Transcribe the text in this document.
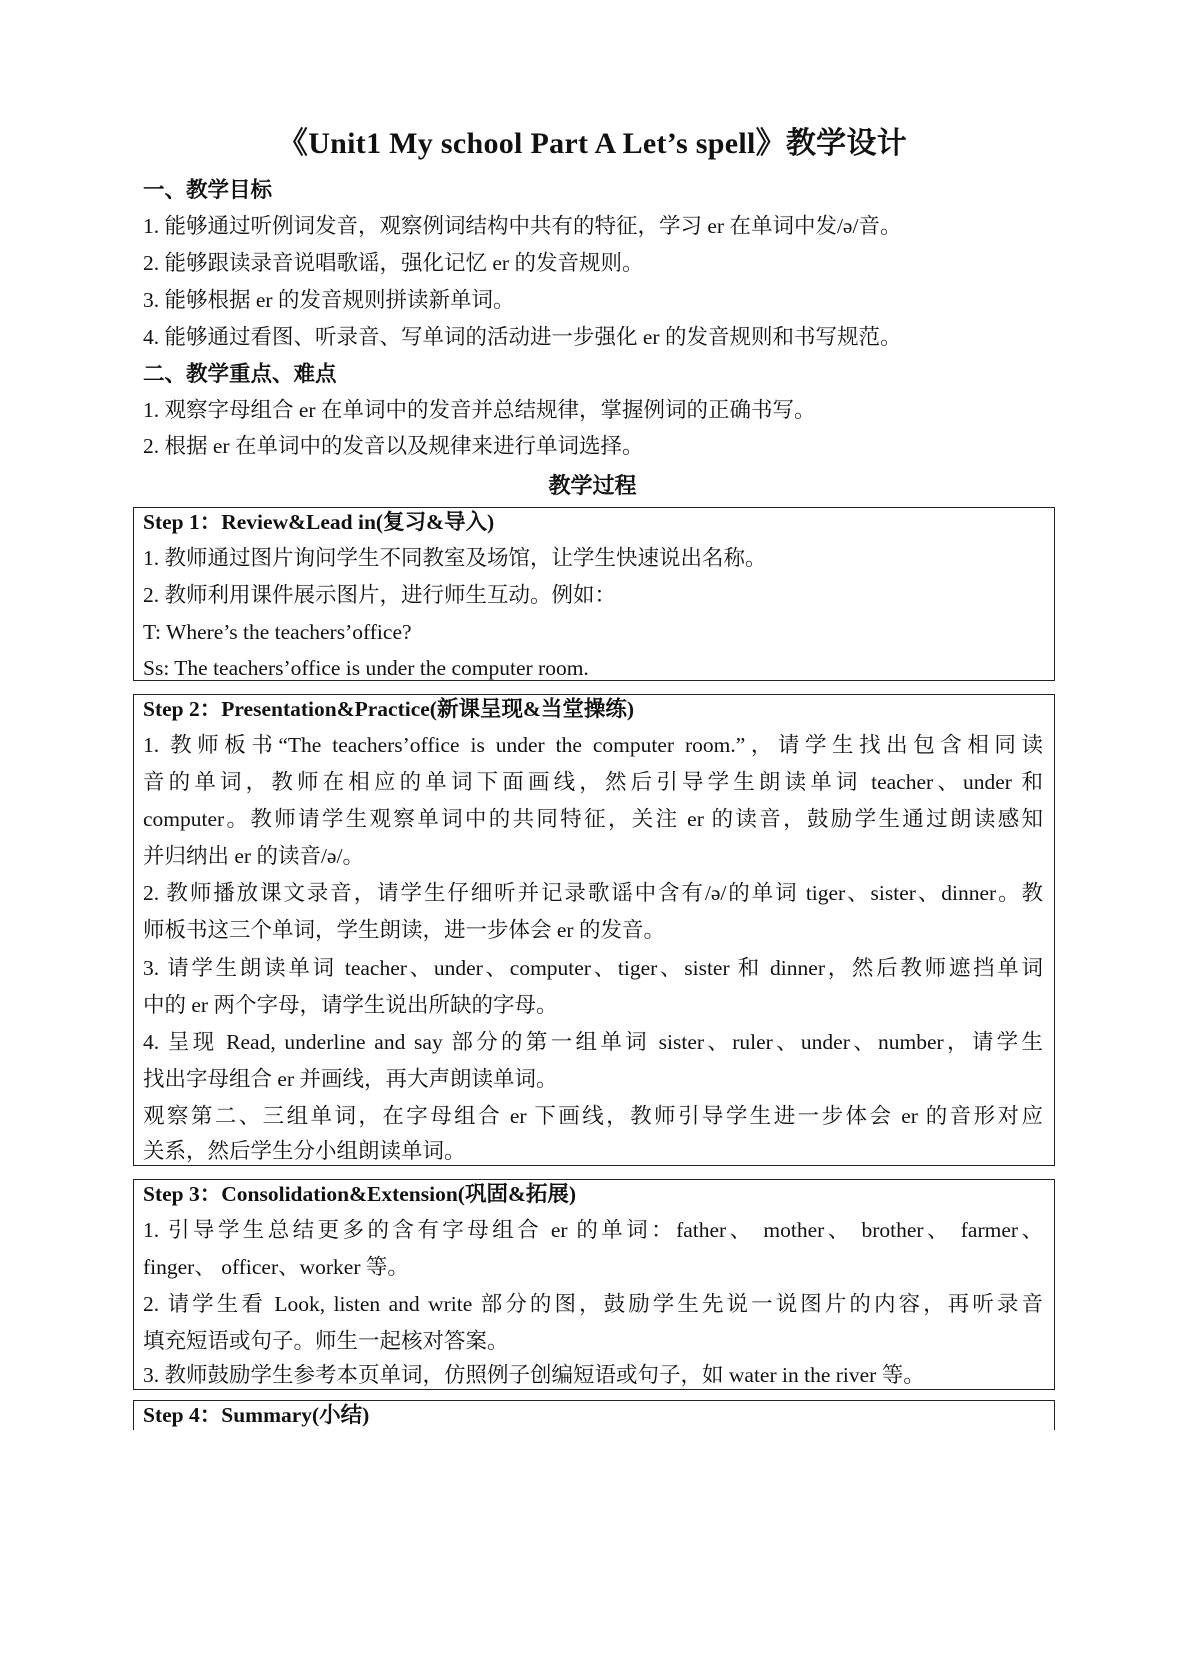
《Unit1 My school Part A Let’s spell》教学设计
一、教学目标
1. 能够通过听例词发音，观察例词结构中共有的特征，学习 er 在单词中发/ə/音。
2. 能够跟读录音说唱歌谣，强化记忆 er 的发音规则。
3. 能够根据 er 的发音规则拼读新单词。
4. 能够通过看图、听录音、写单词的活动进一步强化 er 的发音规则和书写规范。
二、教学重点、难点
1. 观察字母组合 er 在单词中的发音并总结规律，掌握例词的正确书写。
2. 根据 er 在单词中的发音以及规律来进行单词选择。
教学过程
Step 1：Review&Lead in(复习&导入)
1. 教师通过图片询问学生不同教室及场馆，让学生快速说出名称。
2. 教师利用课件展示图片，进行师生互动。例如：
T: Where’s the teachers’office?
Ss: The teachers’office is under the computer room.
Step 2：Presentation&Practice(新课呈现&当堂操练)
1. 教师板书“The teachers’office is under the computer room.”，请学生找出包含相同读
音的单词，教师在相应的单词下面画线，然后引导学生朗读单词 teacher、under 和
computer。教师请学生观察单词中的共同特征，关注 er 的读音，鼓励学生通过朗读感知
并归纳出 er 的读音/ə/。
2. 教师播放课文录音，请学生仔细听并记录歌谣中含有/ə/的单词 tiger、sister、dinner。教
师板书这三个单词，学生朗读，进一步体会 er 的发音。
3. 请学生朗读单词 teacher、under、computer、tiger、sister 和 dinner，然后教师遮挡单词
中的 er 两个字母，请学生说出所缺的字母。
4. 呈现 Read, underline and say 部分的第一组单词 sister、ruler、under、number，请学生
找出字母组合 er 并画线，再大声朗读单词。
观察第二、三组单词，在字母组合 er 下画线，教师引导学生进一步体会 er 的音形对应
关系，然后学生分小组朗读单词。
Step 3：Consolidation&Extension(巩固&拓展)
1. 引导学生总结更多的含有字母组合 er 的单词：father、 mother、 brother、 farmer、
finger、 officer、worker 等。
2. 请学生看 Look, listen and write 部分的图，鼓励学生先说一说图片的内容，再听录音
填充短语或句子。师生一起核对答案。
3. 教师鼓励学生参考本页单词，仿照例子创编短语或句子，如 water in the river 等。
Step 4：Summary(小结)
